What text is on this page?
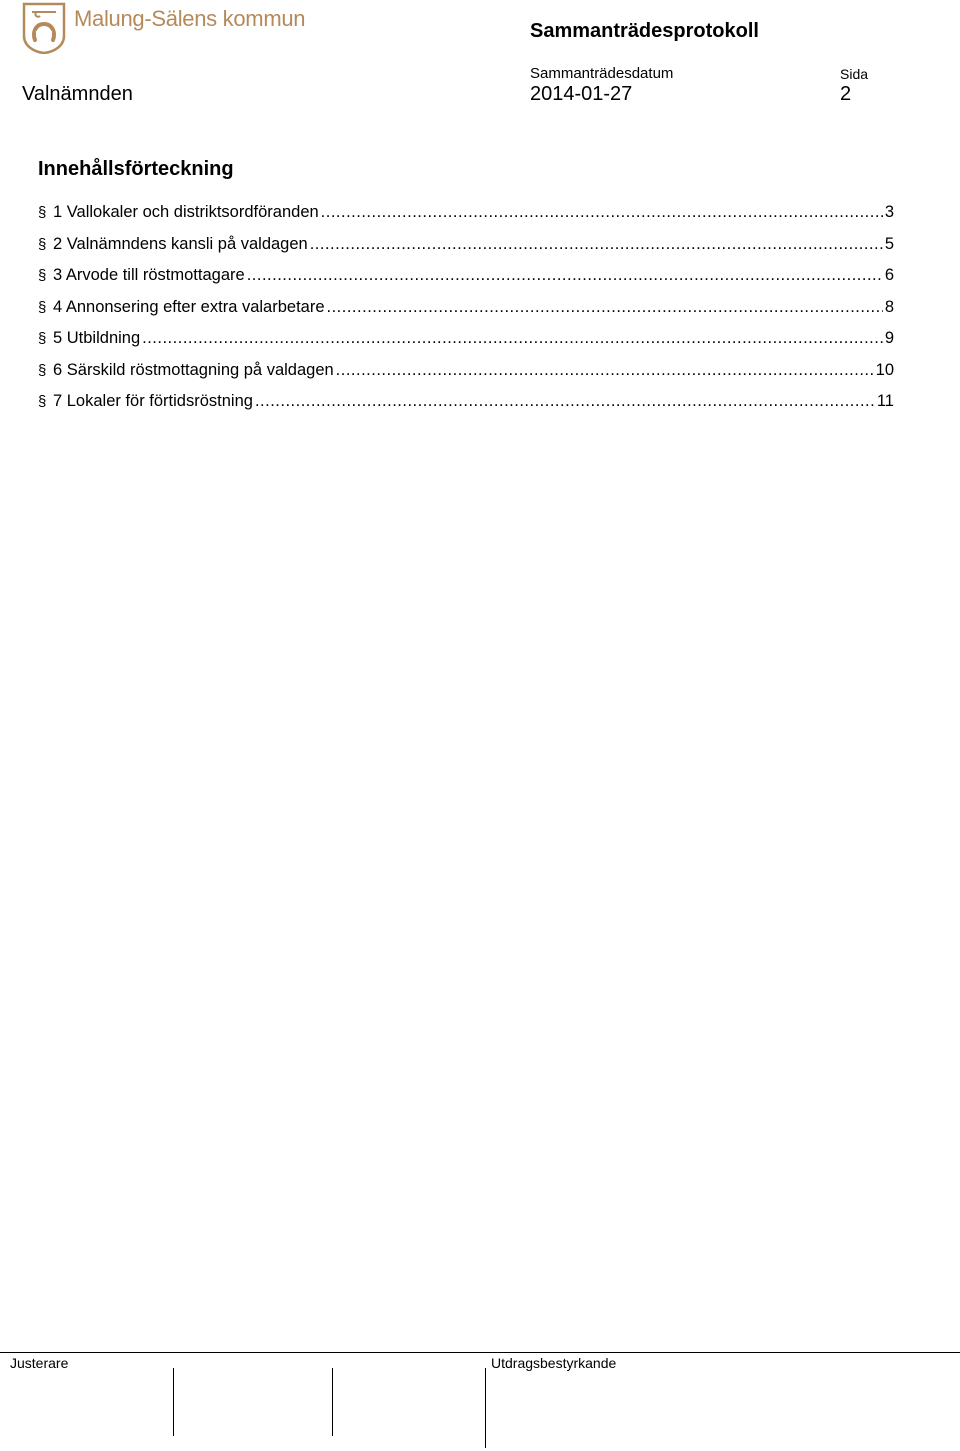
Malung-Sälens kommun	Sammanträdesprotokoll
Sammanträdesdatum	Sida
Valnämnden	2014-01-27	2
Innehållsförteckning
§ 1 Vallokaler och distriktsordföranden .....	3
§ 2 Valnämndens kansli på valdagen .....	5
§ 3 Arvode till röstmottagare .....	6
§ 4 Annonsering efter extra valarbetare .....	8
§ 5 Utbildning .....	9
§ 6 Särskild röstmottagning på valdagen .....	10
§ 7 Lokaler för förtidsröstning .....	11
Justerare	Utdragsbestyrkande
